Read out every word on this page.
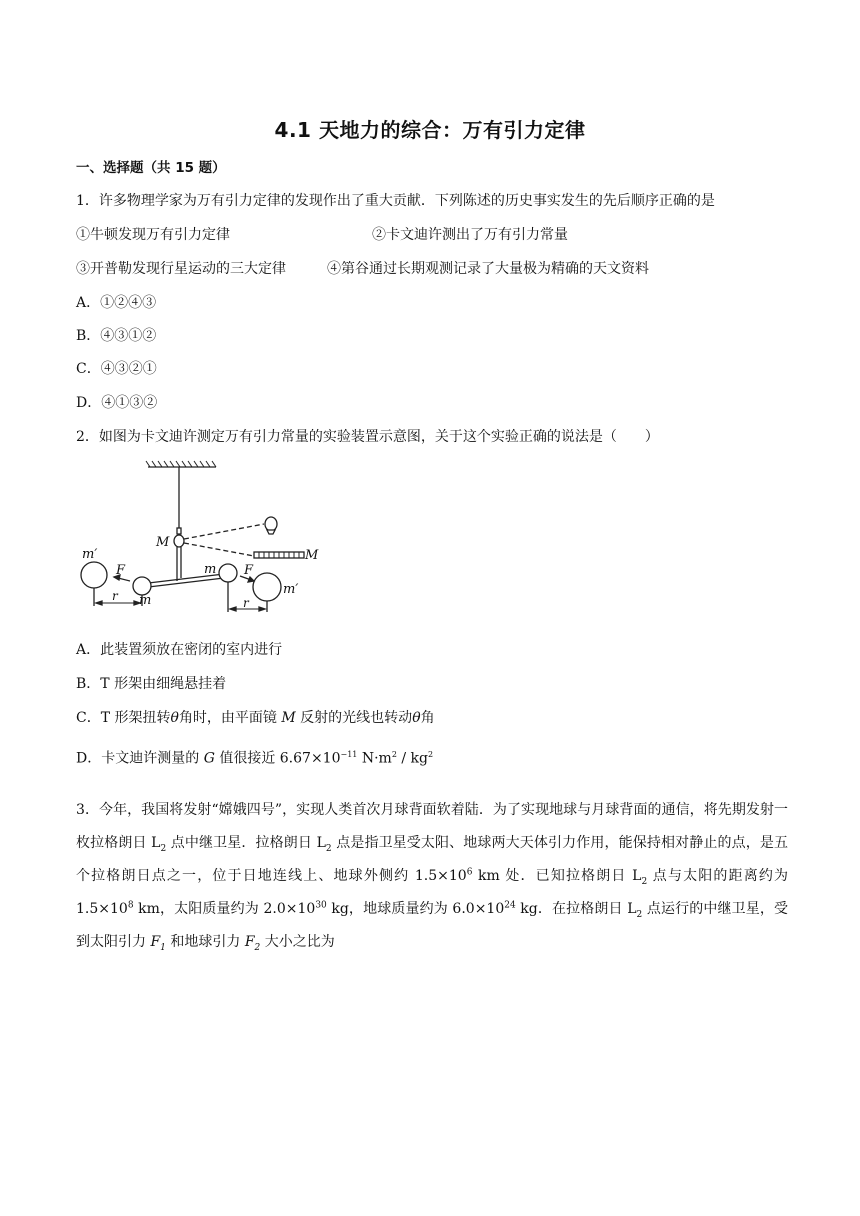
4.1 天地力的综合：万有引力定律
一、选择题（共 15 题）
1．许多物理学家为万有引力定律的发现作出了重大贡献．下列陈述的历史事实发生的先后顺序正确的是
①牛顿发现万有引力定律	②卡文迪许测出了万有引力常量
③开普勒发现行星运动的三大定律	④第谷通过长期观测记录了大量极为精确的天文资料
A．①②④③
B．④③①②
C．④③②①
D．④①③②
2．如图为卡文迪许测定万有引力常量的实验装置示意图，关于这个实验正确的说法是（　　）
M
M
m′
m′
m
m
F	F
r	r
A．此装置须放在密闭的室内进行
B．T 形架由细绳悬挂着
C．T 形架扭转θ角时，由平面镜 M 反射的光线也转动θ角
D．卡文迪许测量的 G 值很接近 $6.67\times 10^{-11}$ $N\cdot m^2 / kg^2$
3．今年，我国将发射“嫦娥四号”，实现人类首次月球背面软着陆．为了实现地球与月球背面的通信，将先期发射一枚拉格朗日 $L_2$ 点中继卫星．拉格朗日 $L_2$ 点是指卫星受太阳、地球两大天体引力作用，能保持相对静止的点，是五个拉格朗日点之一，位于日地连线上、地球外侧约 $1.5\times 10^6$ km 处．已知拉格朗日 $L_2$ 点与太阳的距离约为 $1.5\times 10^8$ km，太阳质量约为 $2.0\times 10^{30}$ kg，地球质量约为 $6.0\times 10^{24}$ kg．在拉格朗日 $L_2$ 点运行的中继卫星，受到太阳引力 $F_1$ 和地球引力 $F_2$ 大小之比为
